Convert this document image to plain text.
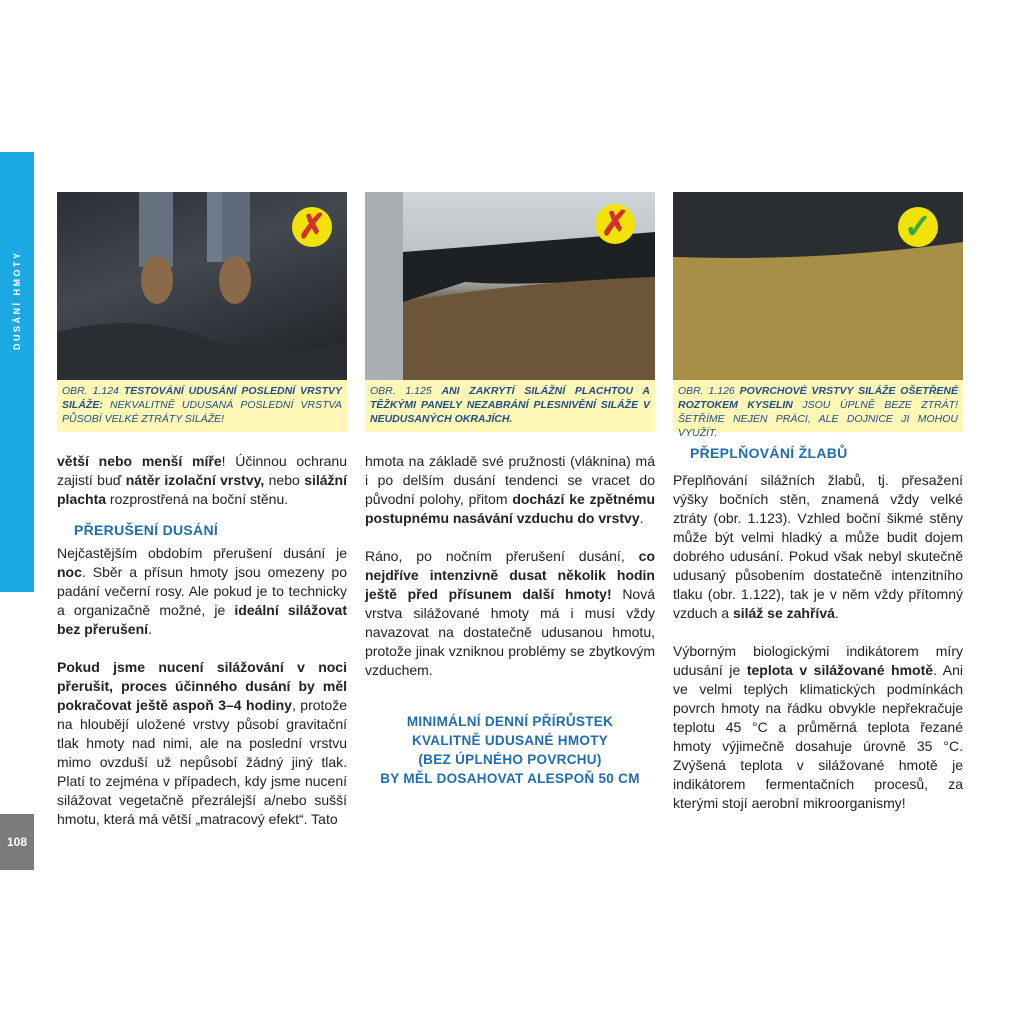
DUSÁNÍ HMOTY
108
✗	✗	✓
OBR. 1.124 TESTOVÁNÍ UDUSÁNÍ POSLEDNÍ VRSTVY SILÁŽE: NEKVALITNĚ UDUSANÁ POSLEDNÍ VRSTVA PŮSOBÍ VELKÉ ZTRÁTY SILÁŽE!
OBR. 1.125 ANI ZAKRYTÍ SILÁŽNÍ PLACHTOU A TĚŽKÝMI PANELY NEZABRÁNÍ PLESNIVĚNÍ SILÁŽE V NEUDUSANÝCH OKRAJÍCH.
OBR. 1.126 POVRCHOVÉ VRSTVY SILÁŽE OŠETŘENÉ ROZTOKEM KYSELIN JSOU ÚPLNĚ BEZE ZTRÁT! ŠETŘÍME NEJEN PRÁCI, ALE DOJNICE JI MOHOU VYUŽÍT.

větší nebo menší míře! Účinnou ochranu zajistí buď nátěr izolační vrstvy, nebo silážní plachta rozprostřená na boční stěnu.

PŘERUŠENÍ DUSÁNÍ

Nejčastějším obdobím přerušení dusání je noc. Sběr a přísun hmoty jsou omezeny po padání večerní rosy. Ale pokud je to technicky a organizačně možné, je ideální silážovat bez přerušení.

Pokud jsme nucení silážování v noci přerušit, proces účinného dusání by měl pokračovat ještě aspoň 3–4 hodiny, protože na hloubějí uložené vrstvy působí gravitační tlak hmoty nad nimi, ale na poslední vrstvu mimo ovzduší už nepůsobí žádný jiný tlak. Platí to zejména v případech, kdy jsme nucení silážovat vegetačně přezrálejší a/nebo sušší hmotu, která má větší „matracový efekt“. Tato

hmota na základě své pružnosti (vláknina) má i po delším dusání tendenci se vracet do původní polohy, přitom dochází ke zpětnému postupnému nasávání vzduchu do vrstvy.

Ráno, po nočním přerušení dusání, co nejdříve intenzivně dusat několik hodin ještě před přísunem další hmoty! Nová vrstva silážované hmoty má i musí vždy navazovat na dostatečně udusanou hmotu, protože jinak vzniknou problémy se zbytkovým vzduchem.

MINIMÁLNÍ DENNÍ PŘÍRŮSTEK
KVALITNĚ UDUSANÉ HMOTY
(BEZ ÚPLNÉHO POVRCHU)
BY MĚL DOSAHOVAT ALESPOŇ 50 CM
PŘEPLŇOVÁNÍ ŽLABŮ

Přeplňování silážních žlabů, tj. přesažení výšky bočních stěn, znamená vždy velké ztráty (obr. 1.123). Vzhled boční šikmé stěny může být velmi hladký a může budit dojem dobrého udusání. Pokud však nebyl skutečně udusaný působením dostatečně intenzitního tlaku (obr. 1.122), tak je v něm vždy přítomný vzduch a siláž se zahřívá.

Výborným biologickými indikátorem míry udusání je teplota v silážované hmotě. Ani ve velmi teplých klimatických podmínkách povrch hmoty na řádku obvykle nepřekračuje teplotu 45 °C a průměrná teplota řezané hmoty výjimečně dosahuje úrovně 35 °C. Zvýšená teplota v silážované hmotě je indikátorem fermentačních procesů, za kterými stojí aerobní mikroorganismy!
